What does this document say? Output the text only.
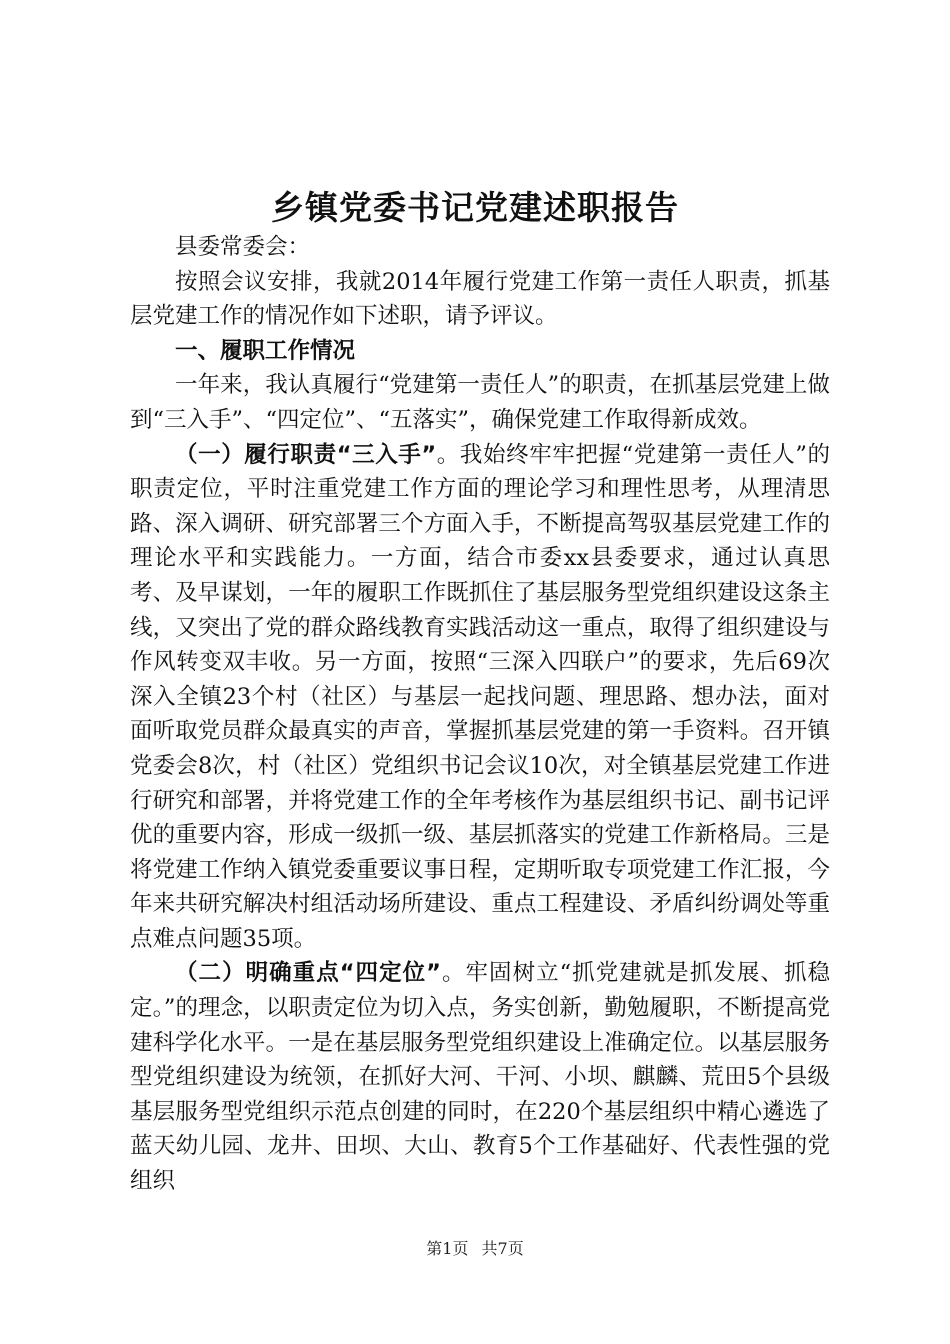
乡镇党委书记党建述职报告

县委常委会：

按照会议安排，我就2014年履行党建工作第一责任人职责，抓基层党建工作的情况作如下述职，请予评议。

一、履职工作情况

一年来，我认真履行“党建第一责任人”的职责，在抓基层党建上做到“三入手”、“四定位”、“五落实”，确保党建工作取得新成效。

（一）履行职责“三入手”。我始终牢牢把握“党建第一责任人”的职责定位，平时注重党建工作方面的理论学习和理性思考，从理清思路、深入调研、研究部署三个方面入手，不断提高驾驭基层党建工作的理论水平和实践能力。一方面，结合市委xx县委要求，通过认真思考、及早谋划，一年的履职工作既抓住了基层服务型党组织建设这条主线，又突出了党的群众路线教育实践活动这一重点，取得了组织建设与作风转变双丰收。另一方面，按照“三深入四联户”的要求，先后69次深入全镇23个村（社区）与基层一起找问题、理思路、想办法，面对面听取党员群众最真实的声音，掌握抓基层党建的第一手资料。召开镇党委会8次，村（社区）党组织书记会议10次，对全镇基层党建工作进行研究和部署，并将党建工作的全年考核作为基层组织书记、副书记评优的重要内容，形成一级抓一级、基层抓落实的党建工作新格局。三是将党建工作纳入镇党委重要议事日程，定期听取专项党建工作汇报，今年来共研究解决村组活动场所建设、重点工程建设、矛盾纠纷调处等重点难点问题35项。

（二）明确重点“四定位”。牢固树立“抓党建就是抓发展、抓稳定。”的理念，以职责定位为切入点，务实创新，勤勉履职，不断提高党建科学化水平。一是在基层服务型党组织建设上准确定位。以基层服务型党组织建设为统领，在抓好大河、干河、小坝、麒麟、荒田5个县级基层服务型党组织示范点创建的同时，在220个基层组织中精心遴选了蓝天幼儿园、龙井、田坝、大山、教育5个工作基础好、代表性强的党组织

第1页 共7页
